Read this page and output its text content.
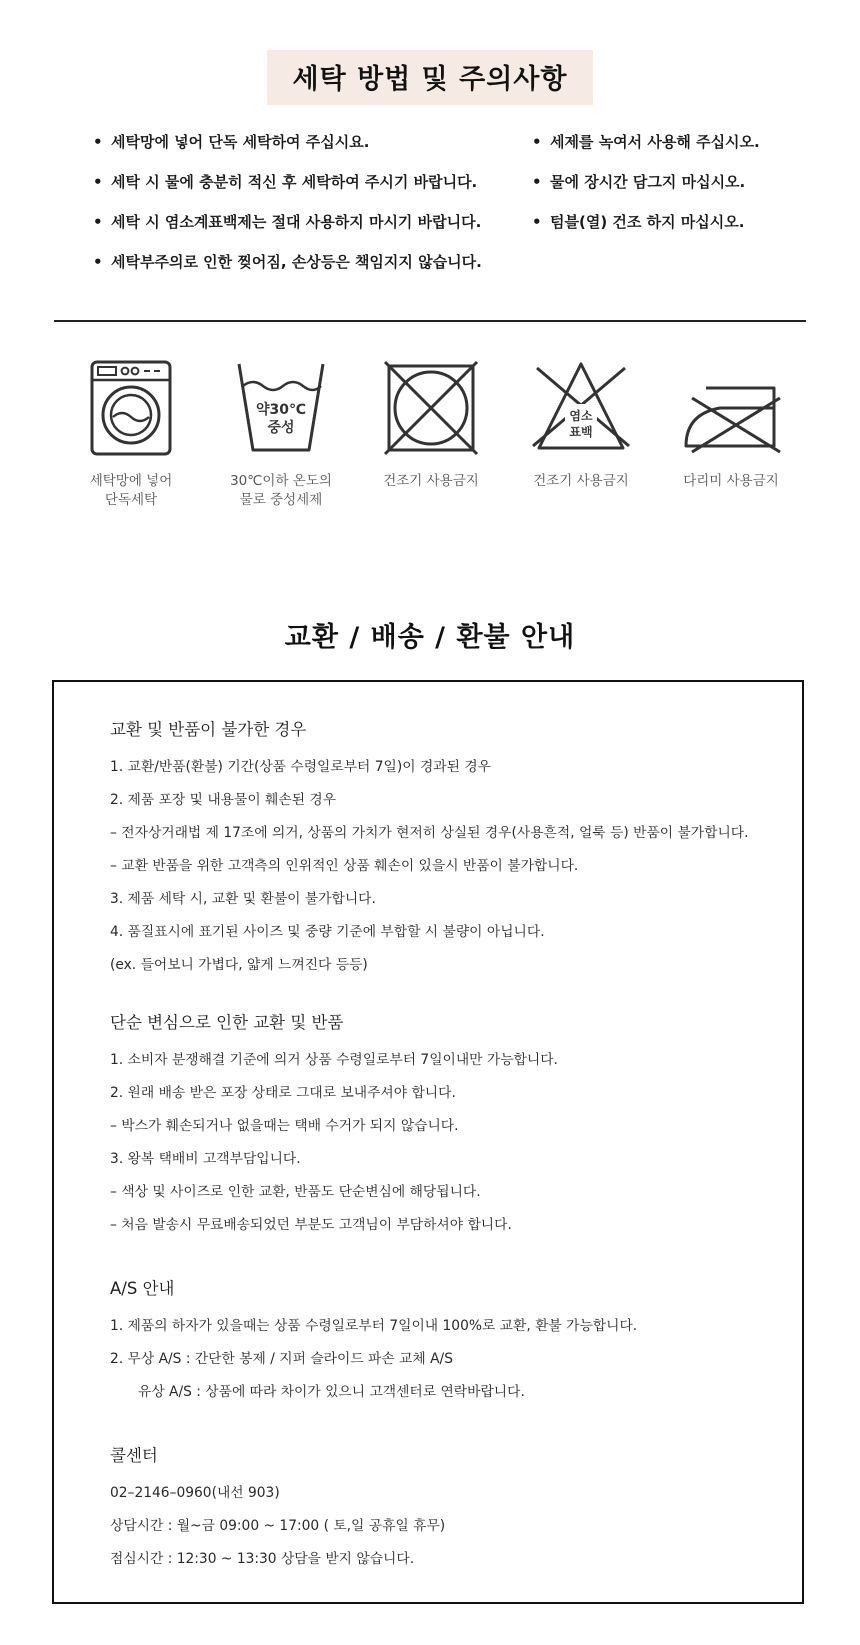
세탁 방법 및 주의사항
• 세탁망에 넣어 단독 세탁하여 주십시요.
• 세탁 시 물에 충분히 적신 후 세탁하여 주시기 바랍니다.
• 세탁 시 염소계표백제는 절대 사용하지 마시기 바랍니다.
• 세탁부주의로 인한 찢어짐, 손상등은 책임지지 않습니다.
• 세제를 녹여서 사용해 주십시오.
• 물에 장시간 담그지 마십시오.
• 텀블(열) 건조 하지 마십시오.
세탁망에 넣어
단독세탁
약30℃
중성
30℃이하 온도의
물로 중성세제
건조기 사용금지
염소
표백
건조기 사용금지	다리미 사용금지
교환 / 배송 / 환불 안내
교환 및 반품이 불가한 경우
1. 교환/반품(환불) 기간(상품 수령일로부터 7일)이 경과된 경우
2. 제품 포장 및 내용물이 훼손된 경우
– 전자상거래법 제 17조에 의거, 상품의 가치가 현저히 상실된 경우(사용흔적, 얼룩 등) 반품이 불가합니다.
– 교환 반품을 위한 고객측의 인위적인 상품 훼손이 있을시 반품이 불가합니다.
3. 제품 세탁 시, 교환 및 환불이 불가합니다.
4. 품질표시에 표기된 사이즈 및 중량 기준에 부합할 시 불량이 아닙니다.
(ex. 들어보니 가볍다, 얇게 느껴진다 등등)
단순 변심으로 인한 교환 및 반품
1. 소비자 분쟁해결 기준에 의거 상품 수령일로부터 7일이내만 가능합니다.
2. 원래 배송 받은 포장 상태로 그대로 보내주셔야 합니다.
– 박스가 훼손되거나 없을때는 택배 수거가 되지 않습니다.
3. 왕복 택배비 고객부담입니다.
– 색상 및 사이즈로 인한 교환, 반품도 단순변심에 해당됩니다.
– 처음 발송시 무료배송되었던 부분도 고객님이 부담하셔야 합니다.
A/S 안내
1. 제품의 하자가 있을때는 상품 수령일로부터 7일이내 100%로 교환, 환불 가능합니다.
2. 무상 A/S : 간단한 봉제 / 지퍼 슬라이드 파손 교체 A/S
유상 A/S : 상품에 따라 차이가 있으니 고객센터로 연락바랍니다.
콜센터
02–2146–0960(내선 903)
상담시간 : 월~금 09:00 ~ 17:00 ( 토,일 공휴일 휴무)
점심시간 : 12:30 ~ 13:30 상담을 받지 않습니다.
